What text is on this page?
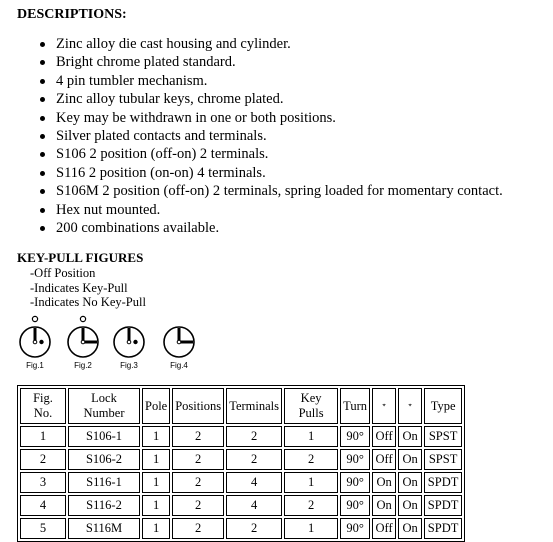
DESCRIPTIONS:
Zinc alloy die cast housing and cylinder.
Bright chrome plated standard.
4 pin tumbler mechanism.
Zinc alloy tubular keys, chrome plated.
Key may be withdrawn in one or both positions.
Silver plated contacts and terminals.
S106 2 position (off-on) 2 terminals.
S116 2 position (on-on) 4 terminals.
S106M 2 position (off-on) 2 terminals, spring loaded for momentary contact.
Hex nut mounted.
200 combinations available.
KEY-PULL FIGURES
-Off Position
-Indicates Key-Pull
-Indicates No Key-Pull
Fig.1	Fig.2	Fig.3	Fig.4
Fig. No.	Lock Number	Pole	Positions	Terminals	Key Pulls	Turn	⌖	⌖	Type
1	S106-1	1	2	2	1	90°	Off	On	SPST
2	S106-2	1	2	2	2	90°	Off	On	SPST
3	S116-1	1	2	4	1	90°	On	On	SPDT
4	S116-2	1	2	4	2	90°	On	On	SPDT
5	S116M	1	2	2	1	90°	Off	On	SPDT
